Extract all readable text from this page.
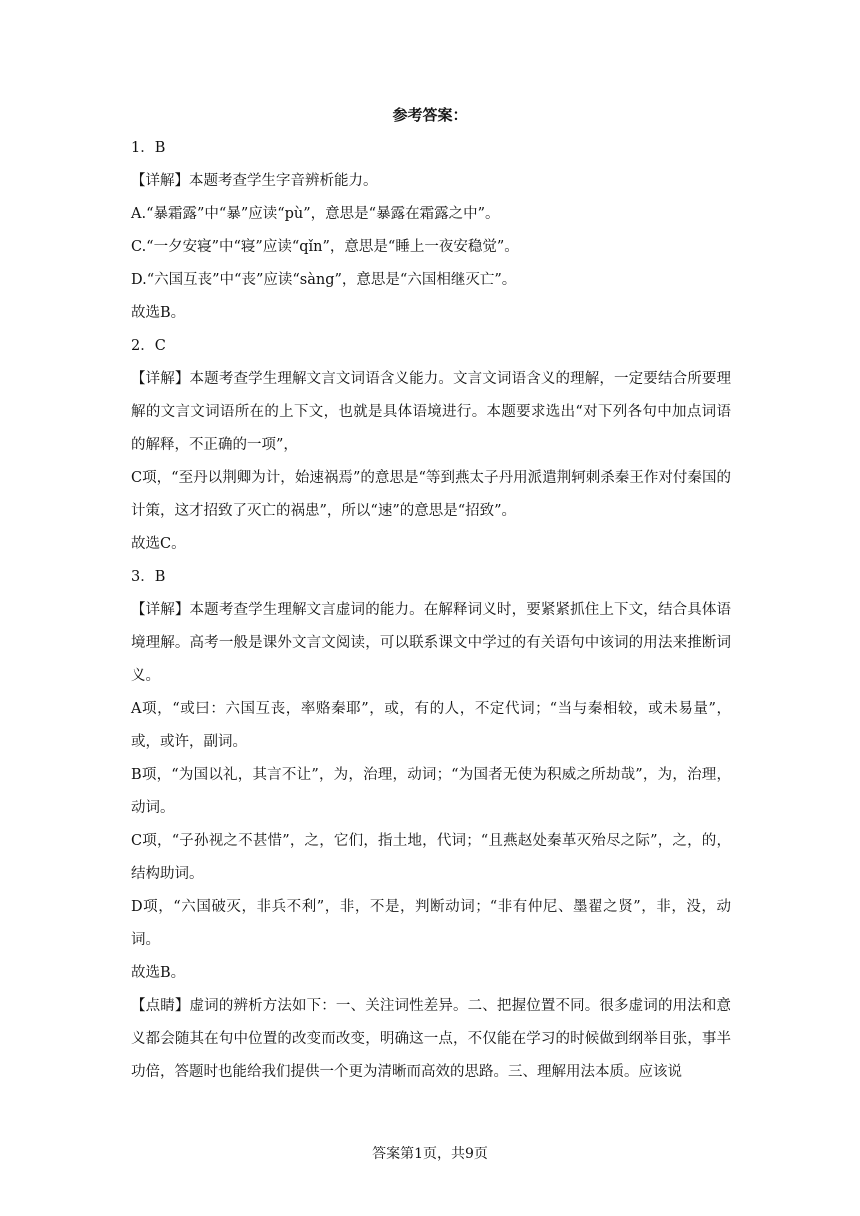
参考答案：

1．B

【详解】本题考查学生字音辨析能力。

A.“暴霜露”中“暴”应读“pù”，意思是“暴露在霜露之中”。

C.“一夕安寝”中“寝”应读“qǐn”，意思是“睡上一夜安稳觉”。

D.“六国互丧”中“丧”应读“sàng”，意思是“六国相继灭亡”。

故选B。

2．C

【详解】本题考查学生理解文言文词语含义能力。文言文词语含义的理解，一定要结合所要理解的文言文词语所在的上下文，也就是具体语境进行。本题要求选出“对下列各句中加点词语的解释，不正确的一项”，

C项，“至丹以荆卿为计，始速祸焉”的意思是“等到燕太子丹用派遣荆轲刺杀秦王作对付秦国的计策，这才招致了灭亡的祸患”，所以“速”的意思是“招致”。

故选C。

3．B

【详解】本题考查学生理解文言虚词的能力。在解释词义时，要紧紧抓住上下文，结合具体语境理解。高考一般是课外文言文阅读，可以联系课文中学过的有关语句中该词的用法来推断词义。

A项，“或曰：六国互丧，率赂秦耶”，或，有的人，不定代词；“当与秦相较，或未易量”，或，或许，副词。

B项，“为国以礼，其言不让”，为，治理，动词；“为国者无使为积威之所劫哉”，为，治理，动词。

C项，“子孙视之不甚惜”，之，它们，指土地，代词；“且燕赵处秦革灭殆尽之际”，之，的，结构助词。

D项，“六国破灭，非兵不利”，非，不是，判断动词；“非有仲尼、墨翟之贤”，非，没，动词。

故选B。

【点睛】虚词的辨析方法如下：一、关注词性差异。二、把握位置不同。很多虚词的用法和意义都会随其在句中位置的改变而改变，明确这一点，不仅能在学习的时候做到纲举目张，事半功倍，答题时也能给我们提供一个更为清晰而高效的思路。三、理解用法本质。应该说

答案第1页，共9页
